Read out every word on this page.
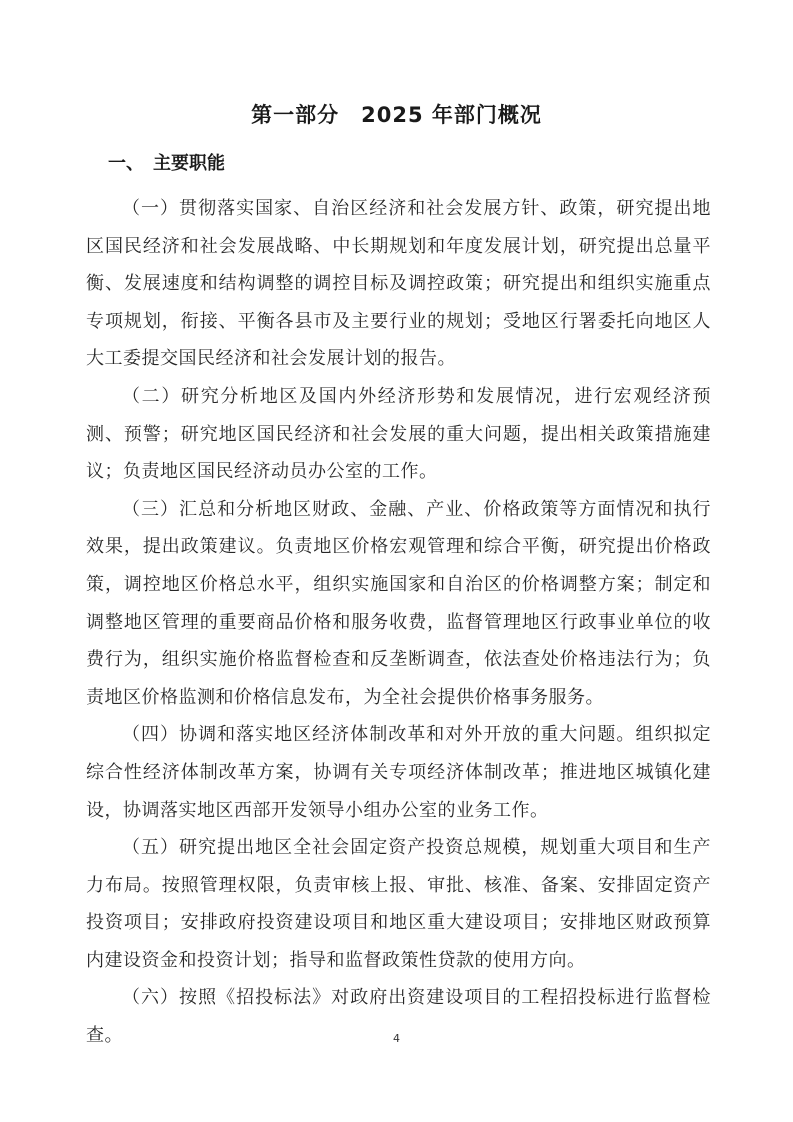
第一部分　2025 年部门概况
一、　主要职能

（一）贯彻落实国家、自治区经济和社会发展方针、政策，研究提出地区国民经济和社会发展战略、中长期规划和年度发展计划，研究提出总量平衡、发展速度和结构调整的调控目标及调控政策；研究提出和组织实施重点专项规划，衔接、平衡各县市及主要行业的规划；受地区行署委托向地区人大工委提交国民经济和社会发展计划的报告。

（二）研究分析地区及国内外经济形势和发展情况，进行宏观经济预测、预警；研究地区国民经济和社会发展的重大问题，提出相关政策措施建议；负责地区国民经济动员办公室的工作。

（三）汇总和分析地区财政、金融、产业、价格政策等方面情况和执行效果，提出政策建议。负责地区价格宏观管理和综合平衡，研究提出价格政策，调控地区价格总水平，组织实施国家和自治区的价格调整方案；制定和调整地区管理的重要商品价格和服务收费，监督管理地区行政事业单位的收费行为，组织实施价格监督检查和反垄断调查，依法查处价格违法行为；负责地区价格监测和价格信息发布，为全社会提供价格事务服务。

（四）协调和落实地区经济体制改革和对外开放的重大问题。组织拟定综合性经济体制改革方案，协调有关专项经济体制改革；推进地区城镇化建设，协调落实地区西部开发领导小组办公室的业务工作。

（五）研究提出地区全社会固定资产投资总规模，规划重大项目和生产力布局。按照管理权限，负责审核上报、审批、核准、备案、安排固定资产投资项目；安排政府投资建设项目和地区重大建设项目；安排地区财政预算内建设资金和投资计划；指导和监督政策性贷款的使用方向。

（六）按照《招投标法》对政府出资建设项目的工程招投标进行监督检查。	4
